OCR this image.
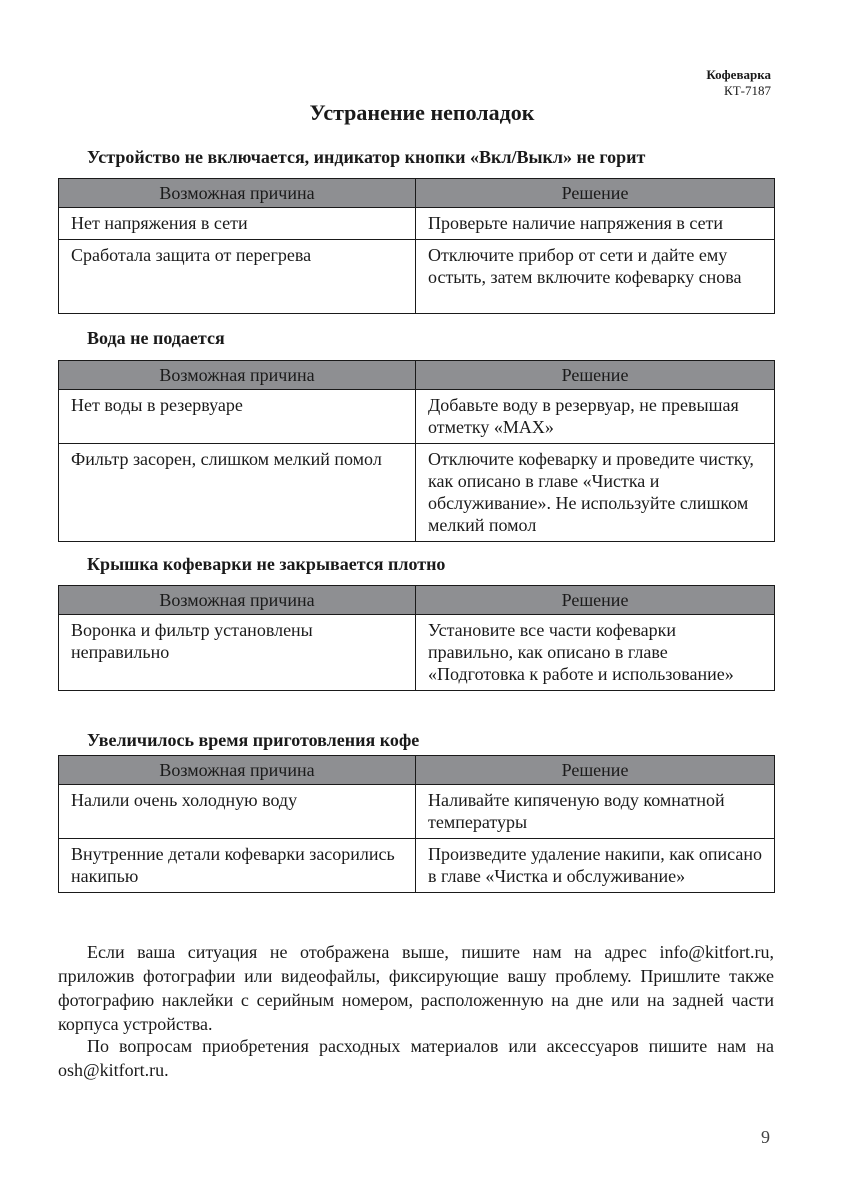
Кофеварка
КТ-7187
Устранение неполадок
Устройство не включается, индикатор кнопки «Вкл/Выкл» не горит
Возможная причина	Решение
Нет напряжения в сети	Проверьте наличие напряжения в сети
Сработала защита от перегрева	Отключите прибор от сети и дайте ему остыть, затем включите кофеварку снова
Вода не подается
Возможная причина	Решение
Нет воды в резервуаре	Добавьте воду в резервуар, не превышая отметку «MAX»
Фильтр засорен, слишком мелкий помол	Отключите кофеварку и проведите чистку, как описано в главе «Чистка и обслуживание». Не используйте слишком мелкий помол
Крышка кофеварки не закрывается плотно
Возможная причина	Решение
Воронка и фильтр установлены неправильно	Установите все части кофеварки правильно, как описано в главе «Подготовка к работе и использование»
Увеличилось время приготовления кофе
Возможная причина	Решение
Налили очень холодную воду	Наливайте кипяченую воду комнатной температуры
Внутренние детали кофеварки засорились накипью	Произведите удаление накипи, как описано в главе «Чистка и обслуживание»

Если ваша ситуация не отображена выше, пишите нам на адрес info@kitfort.ru, приложив фотографии или видеофайлы, фиксирующие вашу проблему. Пришлите также фотографию наклейки с серийным номером, расположенную на дне или на задней части корпуса устройства.

По вопросам приобретения расходных материалов или аксессуаров пишите нам на osh@kitfort.ru.

9
